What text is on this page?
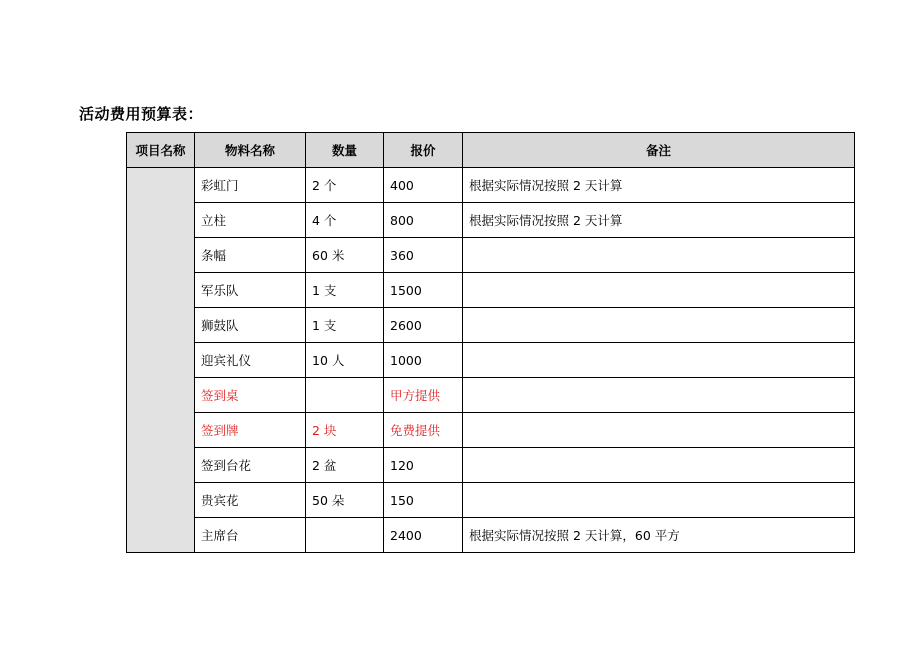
活动费用预算表：
项目名称	物料名称	数量	报价	备注
	彩虹门	2 个	400	根据实际情况按照 2 天计算
	立柱	4 个	800	根据实际情况按照 2 天计算
	条幅	60 米	360	
	军乐队	1 支	1500	
	狮鼓队	1 支	2600	
	迎宾礼仪	10 人	1000	
	签到桌		甲方提供	
	签到牌	2 块	免费提供	
	签到台花	2 盆	120	
	贵宾花	50 朵	150	
	主席台		2400	根据实际情况按照 2 天计算，60 平方
